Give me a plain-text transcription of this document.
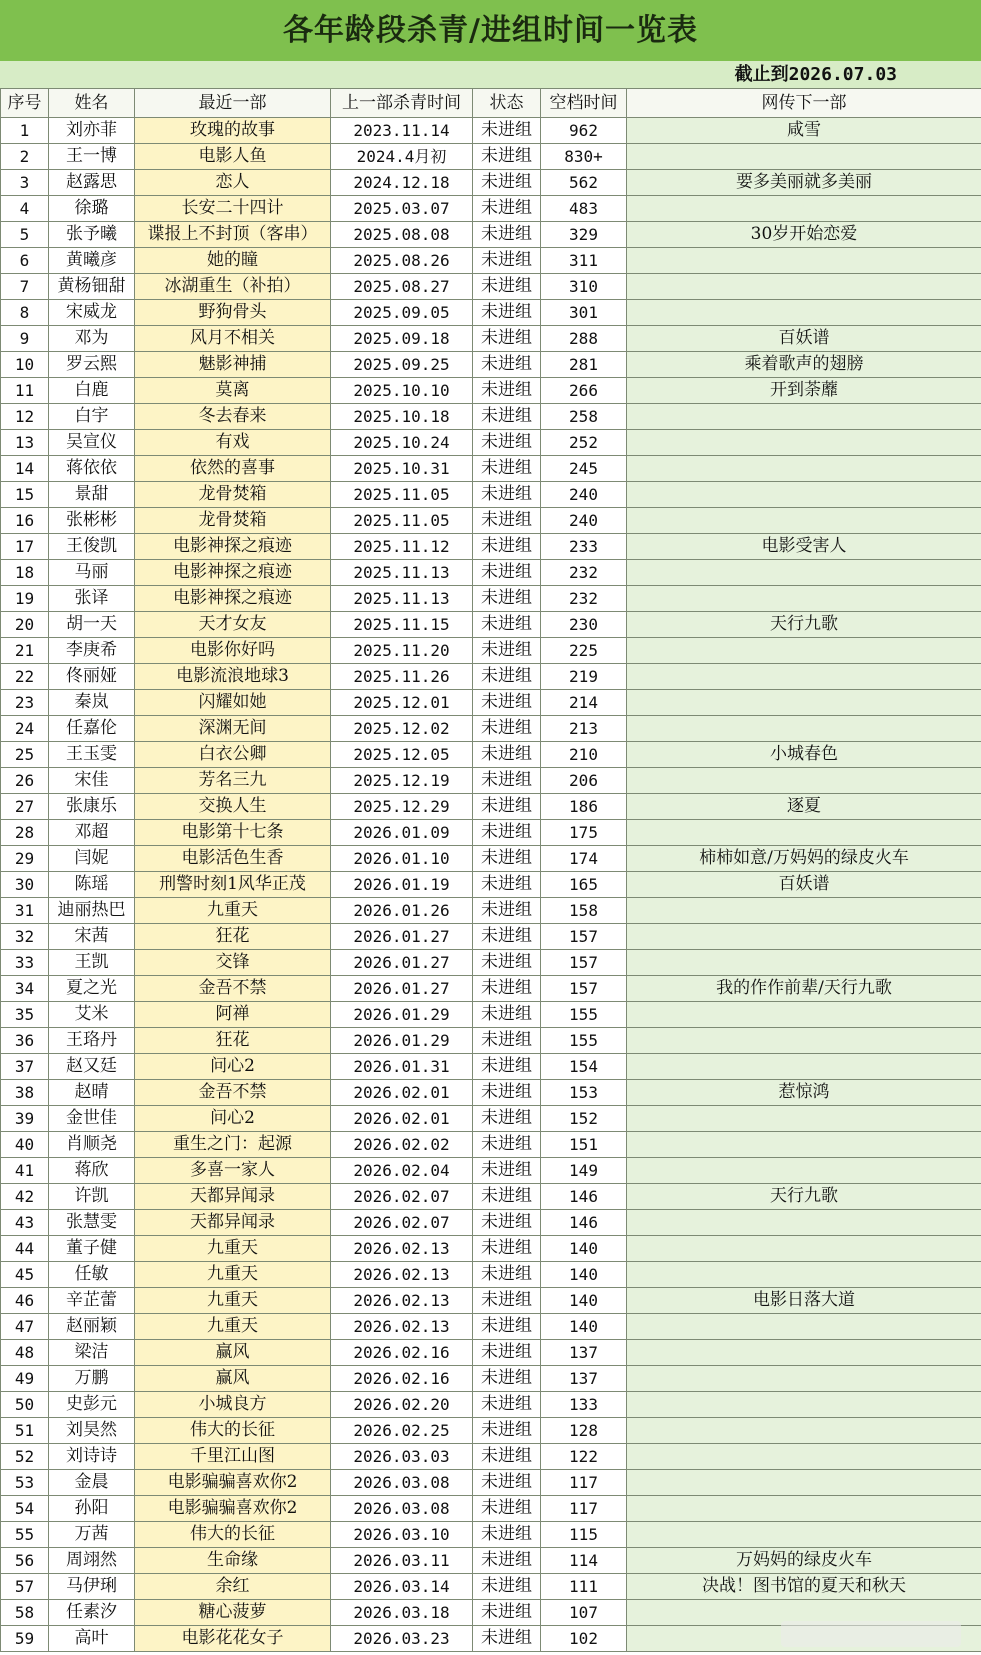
各年龄段杀青/进组时间一览表
截止到2026.07.03
序号	姓名	最近一部	上一部杀青时间	状态	空档时间	网传下一部
1	刘亦菲	玫瑰的故事	2023.11.14	未进组	962	咸雪
2	王一博	电影人鱼	2024.4月初	未进组	830+	
3	赵露思	恋人	2024.12.18	未进组	562	要多美丽就多美丽
4	徐璐	长安二十四计	2025.03.07	未进组	483	
5	张予曦	谍报上不封顶（客串）	2025.08.08	未进组	329	30岁开始恋爱
6	黄曦彦	她的瞳	2025.08.26	未进组	311	
7	黄杨钿甜	冰湖重生（补拍）	2025.08.27	未进组	310	
8	宋威龙	野狗骨头	2025.09.05	未进组	301	
9	邓为	风月不相关	2025.09.18	未进组	288	百妖谱
10	罗云熙	魅影神捕	2025.09.25	未进组	281	乘着歌声的翅膀
11	白鹿	莫离	2025.10.10	未进组	266	开到荼蘼
12	白宇	冬去春来	2025.10.18	未进组	258	
13	吴宣仪	有戏	2025.10.24	未进组	252	
14	蒋依依	依然的喜事	2025.10.31	未进组	245	
15	景甜	龙骨焚箱	2025.11.05	未进组	240	
16	张彬彬	龙骨焚箱	2025.11.05	未进组	240	
17	王俊凯	电影神探之痕迹	2025.11.12	未进组	233	电影受害人
18	马丽	电影神探之痕迹	2025.11.13	未进组	232	
19	张译	电影神探之痕迹	2025.11.13	未进组	232	
20	胡一天	天才女友	2025.11.15	未进组	230	天行九歌
21	李庚希	电影你好吗	2025.11.20	未进组	225	
22	佟丽娅	电影流浪地球3	2025.11.26	未进组	219	
23	秦岚	闪耀如她	2025.12.01	未进组	214	
24	任嘉伦	深渊无间	2025.12.02	未进组	213	
25	王玉雯	白衣公卿	2025.12.05	未进组	210	小城春色
26	宋佳	芳名三九	2025.12.19	未进组	206	
27	张康乐	交换人生	2025.12.29	未进组	186	逐夏
28	邓超	电影第十七条	2026.01.09	未进组	175	
29	闫妮	电影活色生香	2026.01.10	未进组	174	柿柿如意/万妈妈的绿皮火车
30	陈瑶	刑警时刻1风华正茂	2026.01.19	未进组	165	百妖谱
31	迪丽热巴	九重天	2026.01.26	未进组	158	
32	宋茜	狂花	2026.01.27	未进组	157	
33	王凯	交锋	2026.01.27	未进组	157	
34	夏之光	金吾不禁	2026.01.27	未进组	157	我的作作前辈/天行九歌
35	艾米	阿禅	2026.01.29	未进组	155	
36	王珞丹	狂花	2026.01.29	未进组	155	
37	赵又廷	问心2	2026.01.31	未进组	154	
38	赵晴	金吾不禁	2026.02.01	未进组	153	惹惊鸿
39	金世佳	问心2	2026.02.01	未进组	152	
40	肖顺尧	重生之门：起源	2026.02.02	未进组	151	
41	蒋欣	多喜一家人	2026.02.04	未进组	149	
42	许凯	天都异闻录	2026.02.07	未进组	146	天行九歌
43	张慧雯	天都异闻录	2026.02.07	未进组	146	
44	董子健	九重天	2026.02.13	未进组	140	
45	任敏	九重天	2026.02.13	未进组	140	
46	辛芷蕾	九重天	2026.02.13	未进组	140	电影日落大道
47	赵丽颖	九重天	2026.02.13	未进组	140	
48	梁洁	赢风	2026.02.16	未进组	137	
49	万鹏	赢风	2026.02.16	未进组	137	
50	史彭元	小城良方	2026.02.20	未进组	133	
51	刘昊然	伟大的长征	2026.02.25	未进组	128	
52	刘诗诗	千里江山图	2026.03.03	未进组	122	
53	金晨	电影骗骗喜欢你2	2026.03.08	未进组	117	
54	孙阳	电影骗骗喜欢你2	2026.03.08	未进组	117	
55	万茜	伟大的长征	2026.03.10	未进组	115	
56	周翊然	生命缘	2026.03.11	未进组	114	万妈妈的绿皮火车
57	马伊琍	余红	2026.03.14	未进组	111	决战！图书馆的夏天和秋天
58	任素汐	糖心菠萝	2026.03.18	未进组	107	
59	高叶	电影花花女子	2026.03.23	未进组	102	
